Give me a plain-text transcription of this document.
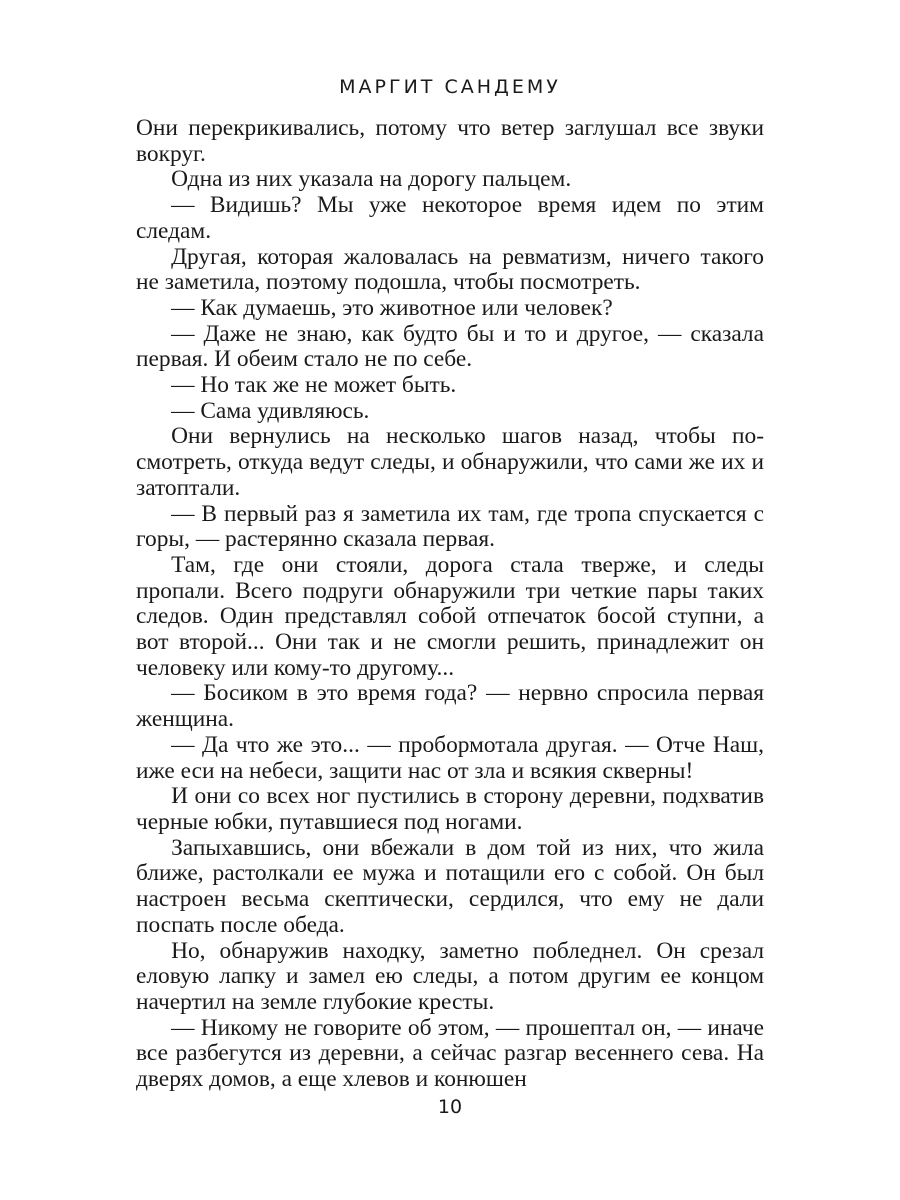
МАРГИТ САНДЕМУ

Они перекрикивались, потому что ветер заглушал все звуки вокруг.

Одна из них указала на дорогу пальцем.

— Видишь? Мы уже некоторое время идем по этим следам.

Другая, которая жаловалась на ревматизм, ничего такого не заметила, поэтому подошла, чтобы посмотреть.

— Как думаешь, это животное или человек?

— Даже не знаю, как будто бы и то и другое, — сказала первая. И обеим стало не по себе.

— Но так же не может быть.

— Сама удивляюсь.

Они вернулись на несколько шагов назад, чтобы посмотреть, откуда ведут следы, и обнаружили, что сами же их и затоптали.

— В первый раз я заметила их там, где тропа спускается с горы, — растерянно сказала первая.

Там, где они стояли, дорога стала тверже, и следы пропали. Всего подруги обнаружили три четкие пары таких следов. Один представлял собой отпечаток босой ступни, а вот второй... Они так и не смогли решить, принадлежит он человеку или кому-то другому...

— Босиком в это время года? — нервно спросила первая женщина.

— Да что же это... — пробормотала другая. — Отче Наш, иже еси на небеси, защити нас от зла и всякия скверны!

И они со всех ног пустились в сторону деревни, подхватив черные юбки, путавшиеся под ногами.

Запыхавшись, они вбежали в дом той из них, что жила ближе, растолкали ее мужа и потащили его с собой. Он был настроен весьма скептически, сердился, что ему не дали поспать после обеда.

Но, обнаружив находку, заметно побледнел. Он срезал еловую лапку и замел ею следы, а потом другим ее концом начертил на земле глубокие кресты.

— Никому не говорите об этом, — прошептал он, — иначе все разбегутся из деревни, а сейчас разгар весеннего сева. На дверях домов, а еще хлевов и конюшен

10
